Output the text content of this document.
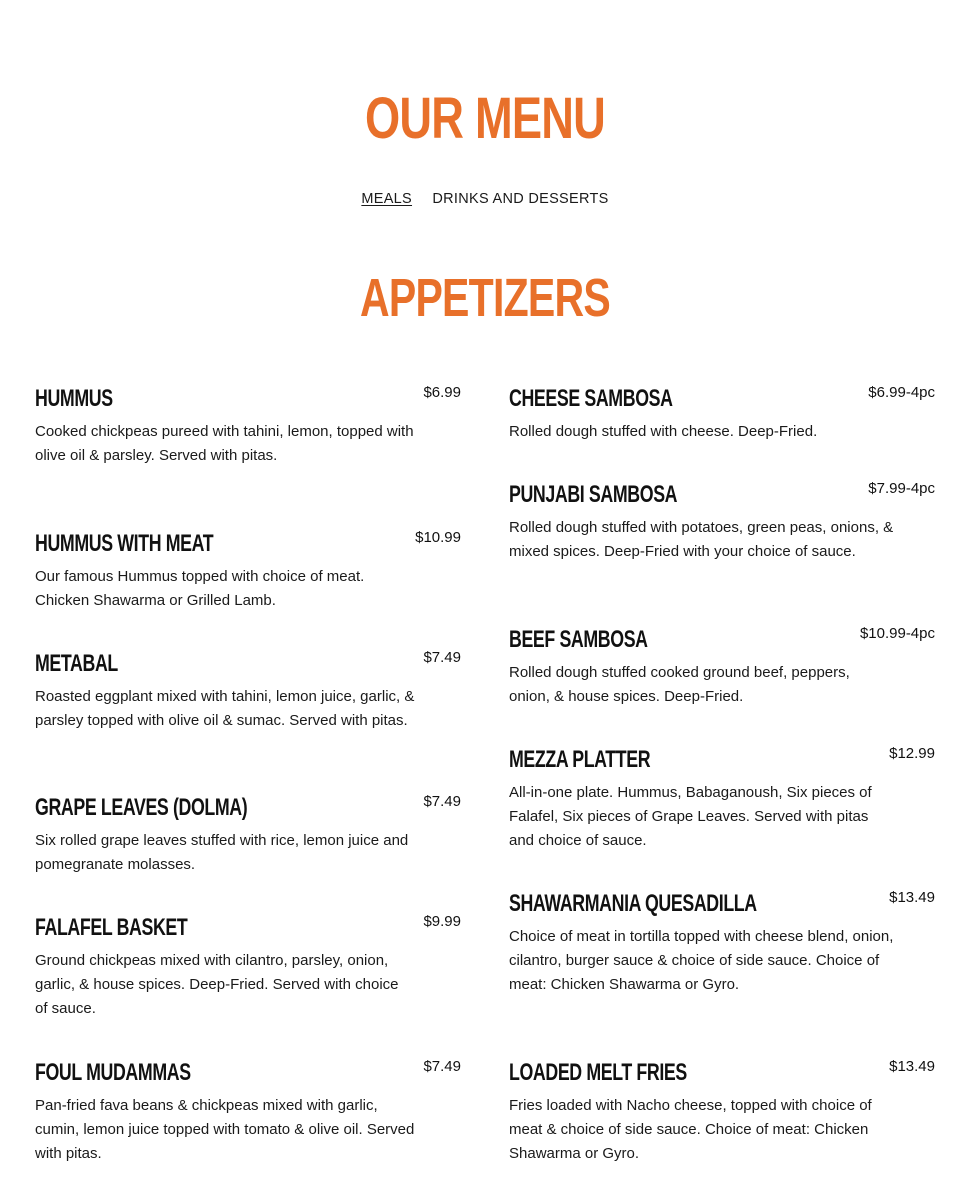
OUR MENU
MEALS DRINKS AND DESSERTS
APPETIZERS
HUMMUS	$6.99

Cooked chickpeas pureed with tahini, lemon, topped with olive oil & parsley. Served with pitas.

HUMMUS WITH MEAT	$10.99

Our famous Hummus topped with choice of meat. Chicken Shawarma or Grilled Lamb.

METABAL	$7.49

Roasted eggplant mixed with tahini, lemon juice, garlic, & parsley topped with olive oil & sumac. Served with pitas.

GRAPE LEAVES (DOLMA)	$7.49

Six rolled grape leaves stuffed with rice, lemon juice and pomegranate molasses.

FALAFEL BASKET	$9.99

Ground chickpeas mixed with cilantro, parsley, onion, garlic, & house spices. Deep-Fried. Served with choice of sauce.

FOUL MUDAMMAS	$7.49

Pan-fried fava beans & chickpeas mixed with garlic, cumin, lemon juice topped with tomato & olive oil. Served with pitas.

CHEESE SAMBOSA	$6.99-4pc

Rolled dough stuffed with cheese. Deep-Fried.

PUNJABI SAMBOSA	$7.99-4pc

Rolled dough stuffed with potatoes, green peas, onions, & mixed spices. Deep-Fried with your choice of sauce.

BEEF SAMBOSA	$10.99-4pc

Rolled dough stuffed cooked ground beef, peppers, onion, & house spices. Deep-Fried.

MEZZA PLATTER	$12.99

All-in-one plate. Hummus, Babaganoush, Six pieces of Falafel, Six pieces of Grape Leaves. Served with pitas and choice of sauce.

SHAWARMANIA QUESADILLA	$13.49

Choice of meat in tortilla topped with cheese blend, onion, cilantro, burger sauce & choice of side sauce. Choice of meat: Chicken Shawarma or Gyro.

LOADED MELT FRIES	$13.49

Fries loaded with Nacho cheese, topped with choice of meat & choice of side sauce. Choice of meat: Chicken Shawarma or Gyro.
